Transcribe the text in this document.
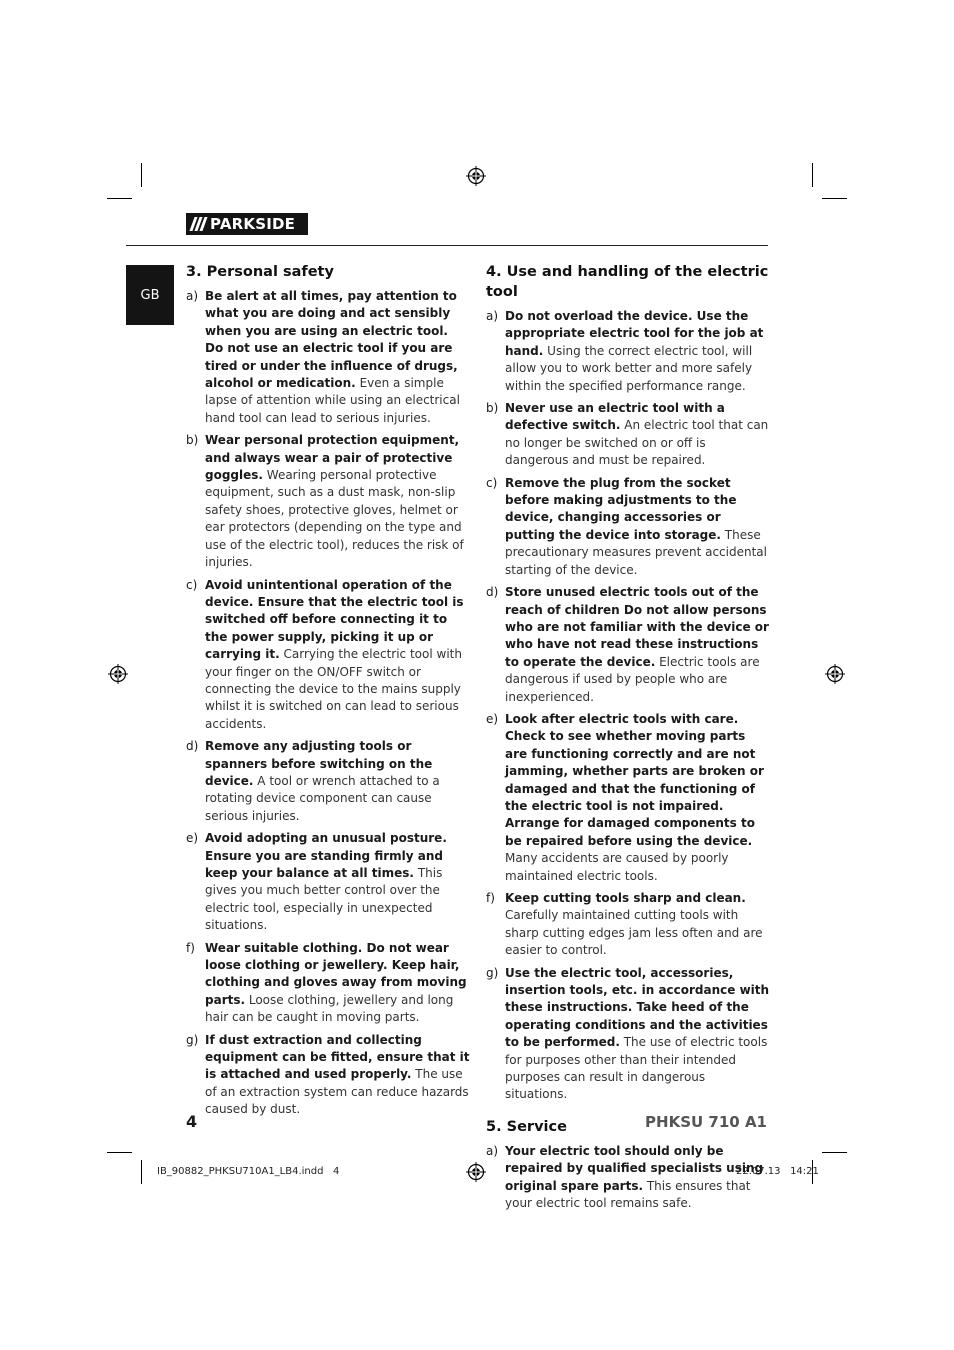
PARKSIDE
GB
3. Personal safety
a) Be alert at all times, pay attention to what you are doing and act sensibly when you are using an electric tool. Do not use an electric tool if you are tired or under the influence of drugs, alcohol or medication. Even a simple lapse of attention while using an electrical hand tool can lead to serious injuries.
b) Wear personal protection equipment, and always wear a pair of protective goggles. Wearing personal protective equipment, such as a dust mask, non-slip safety shoes, protective gloves, helmet or ear protectors (depending on the type and use of the electric tool), reduces the risk of injuries.
c) Avoid unintentional operation of the device. Ensure that the electric tool is switched off before connecting it to the power supply, picking it up or carrying it. Carrying the electric tool with your finger on the ON/OFF switch or connecting the device to the mains supply whilst it is switched on can lead to serious accidents.
d) Remove any adjusting tools or spanners before switching on the device. A tool or wrench attached to a rotating device component can cause serious injuries.
e) Avoid adopting an unusual posture. Ensure you are standing firmly and keep your balance at all times. This gives you much better control over the electric tool, especially in unexpected situations.
f) Wear suitable clothing. Do not wear loose clothing or jewellery. Keep hair, clothing and gloves away from moving parts. Loose clothing, jewellery and long hair can be caught in moving parts.
g) If dust extraction and collecting equipment can be fitted, ensure that it is attached and used properly. The use of an extraction system can reduce hazards caused by dust.
4. Use and handling of the electric tool
a) Do not overload the device. Use the appropriate electric tool for the job at hand. Using the correct electric tool, will allow you to work better and more safely within the specified performance range.
b) Never use an electric tool with a defective switch. An electric tool that can no longer be switched on or off is dangerous and must be repaired.
c) Remove the plug from the socket before making adjustments to the device, changing accessories or putting the device into storage. These precautionary measures prevent accidental starting of the device.
d) Store unused electric tools out of the reach of children Do not allow persons who are not familiar with the device or who have not read these instructions to operate the device. Electric tools are dangerous if used by people who are inexperienced.
e) Look after electric tools with care. Check to see whether moving parts are functioning correctly and are not jamming, whether parts are broken or damaged and that the functioning of the electric tool is not impaired. Arrange for damaged components to be repaired before using the device. Many accidents are caused by poorly maintained electric tools.
f) Keep cutting tools sharp and clean. Carefully maintained cutting tools with sharp cutting edges jam less often and are easier to control.
g) Use the electric tool, accessories, insertion tools, etc. in accordance with these instructions. Take heed of the operating conditions and the activities to be performed. The use of electric tools for purposes other than their intended purposes can result in dangerous situations.
5. Service
a) Your electric tool should only be repaired by qualified specialists using original spare parts. This ensures that your electric tool remains safe.
4	PHKSU 710 A1
IB_90882_PHKSU710A1_LB4.indd   4	22.07.13   14:21
